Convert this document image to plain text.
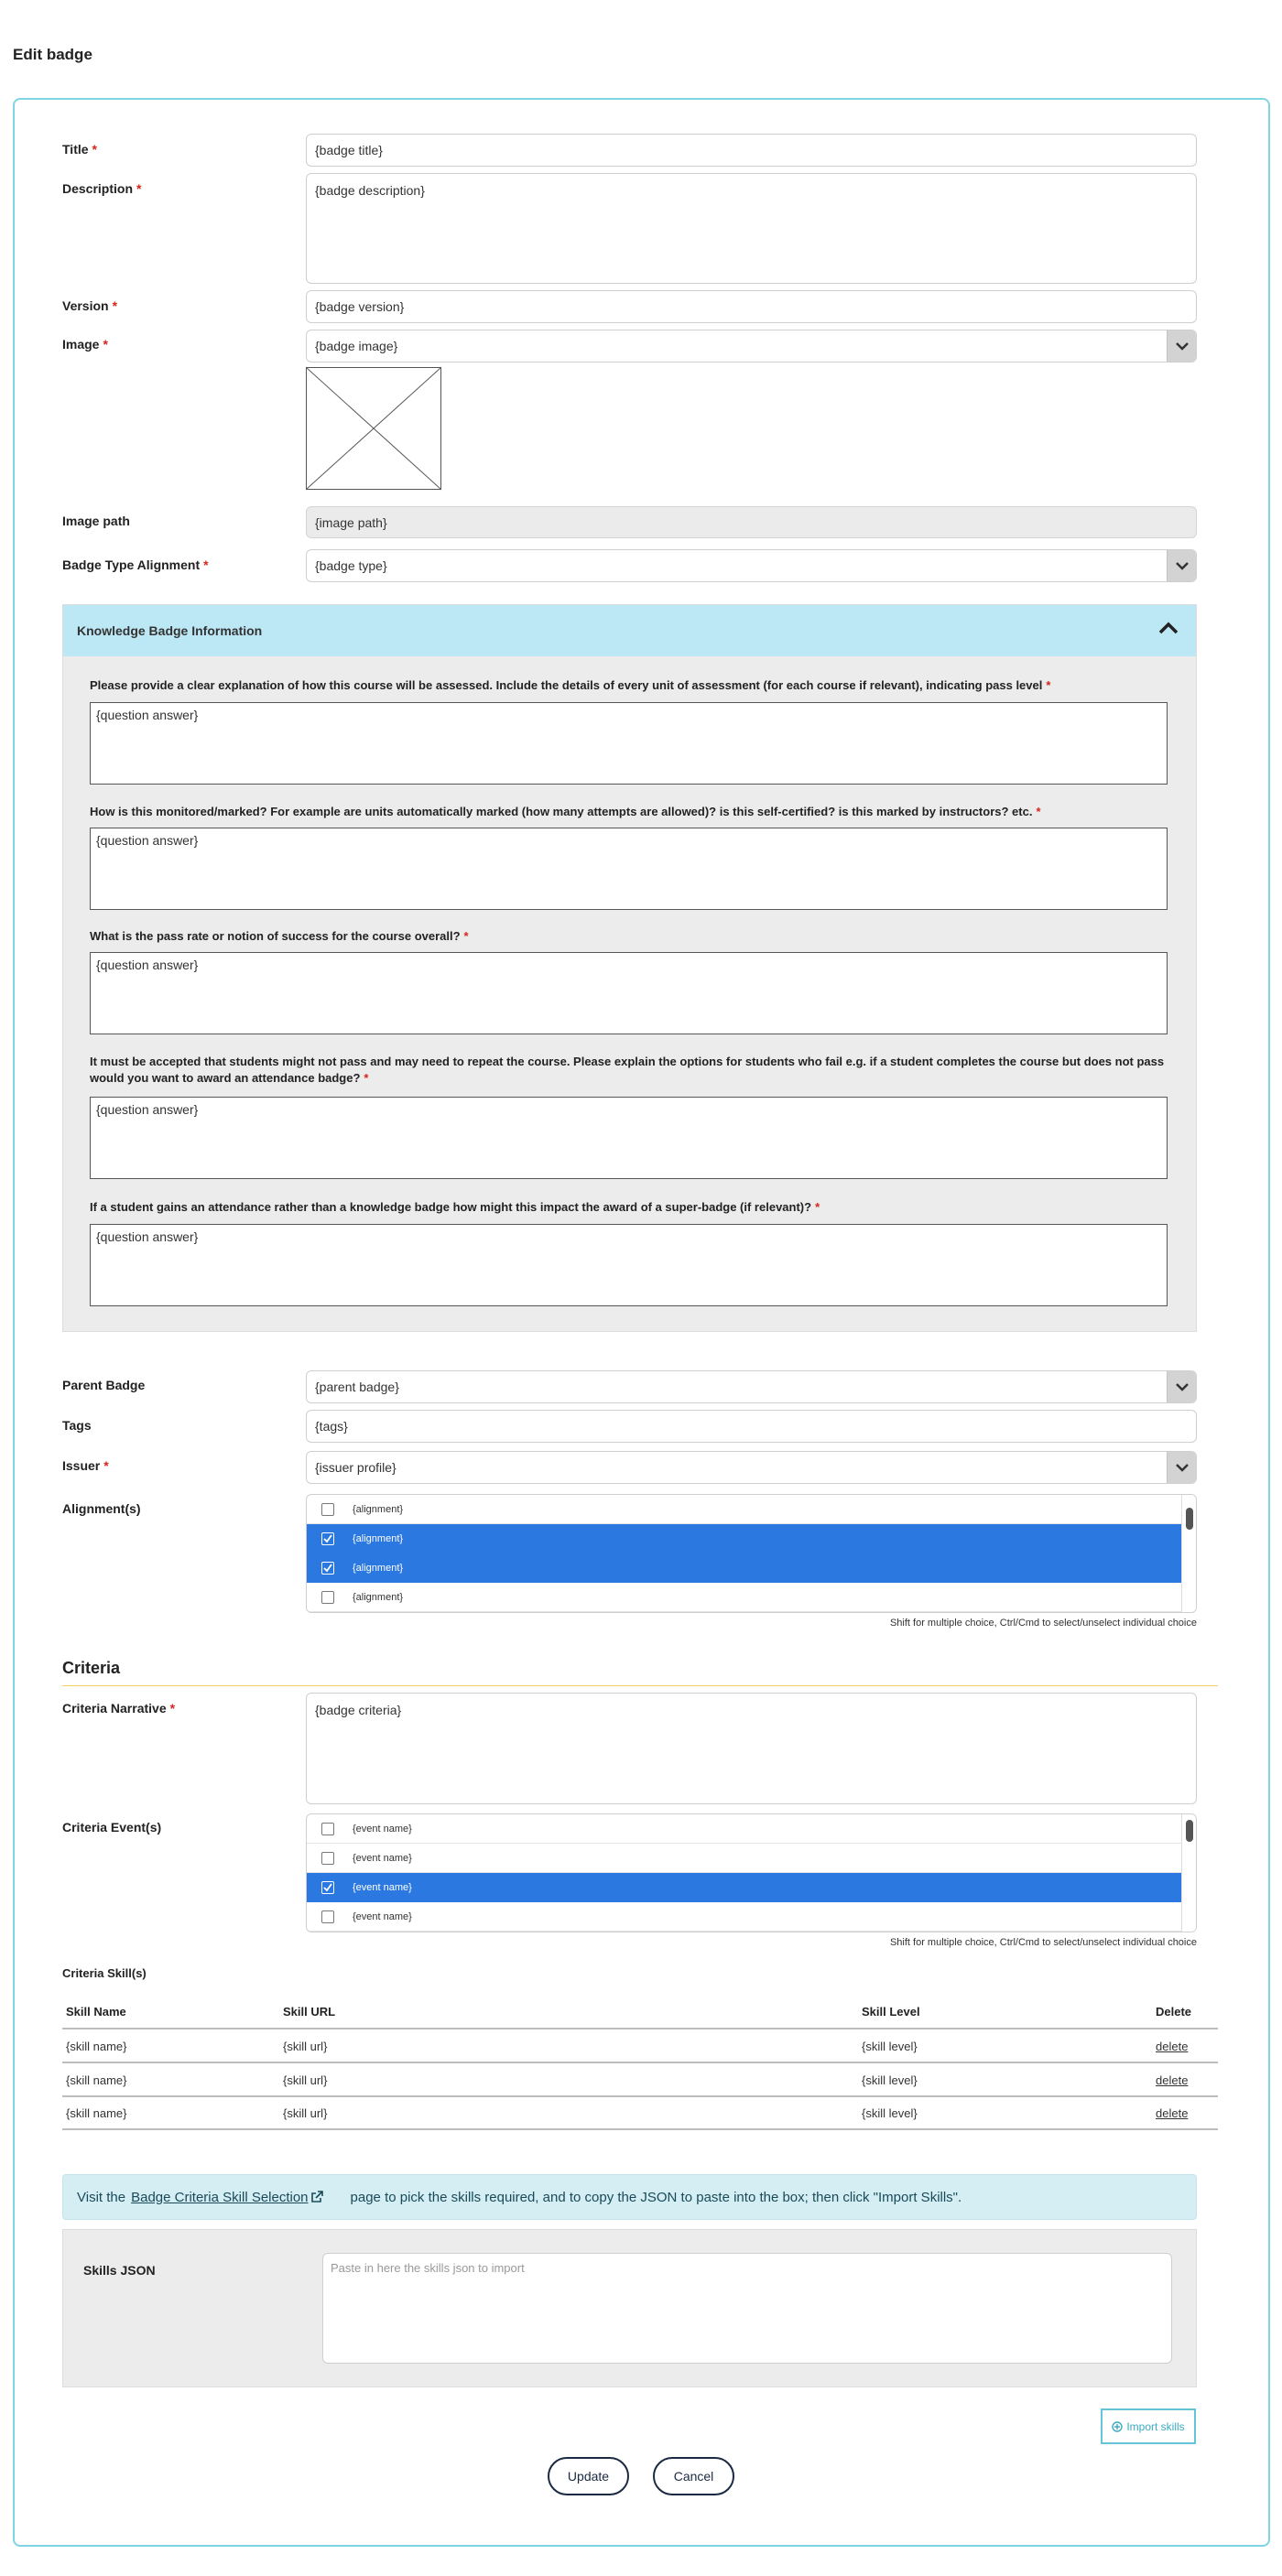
Edit badge
Title *	{badge title}
Description *	{badge description}
Version *	{badge version}
Image *	{badge image}
Image path	{image path}
Badge Type Alignment *	{badge type}
Knowledge Badge Information
Please provide a clear explanation of how this course will be assessed. Include the details of every unit of assessment (for each course if relevant), indicating pass level *
{question answer}
How is this monitored/marked? For example are units automatically marked (how many attempts are allowed)? is this self-certified? is this marked by instructors? etc. *
{question answer}
What is the pass rate or notion of success for the course overall? *
{question answer}
It must be accepted that students might not pass and may need to repeat the course. Please explain the options for students who fail e.g. if a student completes the course but does not pass would you want to award an attendance badge? *
{question answer}
If a student gains an attendance rather than a knowledge badge how might this impact the award of a super-badge (if relevant)? *
{question answer}
Parent Badge	{parent badge}
Tags	{tags}
Issuer *	{issuer profile}
Alignment(s)	{alignment}
{alignment}
{alignment}
{alignment}
Shift for multiple choice, Ctrl/Cmd to select/unselect individual choice
Criteria
Criteria Narrative *	{badge criteria}
Criteria Event(s)	{event name}
{event name}
{event name}
{event name}
Shift for multiple choice, Ctrl/Cmd to select/unselect individual choice
Criteria Skill(s)
Skill Name	Skill URL	Skill Level	Delete
{skill name}	{skill url}	{skill level}	delete
{skill name}	{skill url}	{skill level}	delete
{skill name}	{skill url}	{skill level}	delete
Visit the Badge Criteria Skill Selection	page to pick the skills required, and to copy the JSON to paste into the box; then click "Import Skills".
Skills JSON	Paste in here the skills json to import
Import skills
Update	Cancel
